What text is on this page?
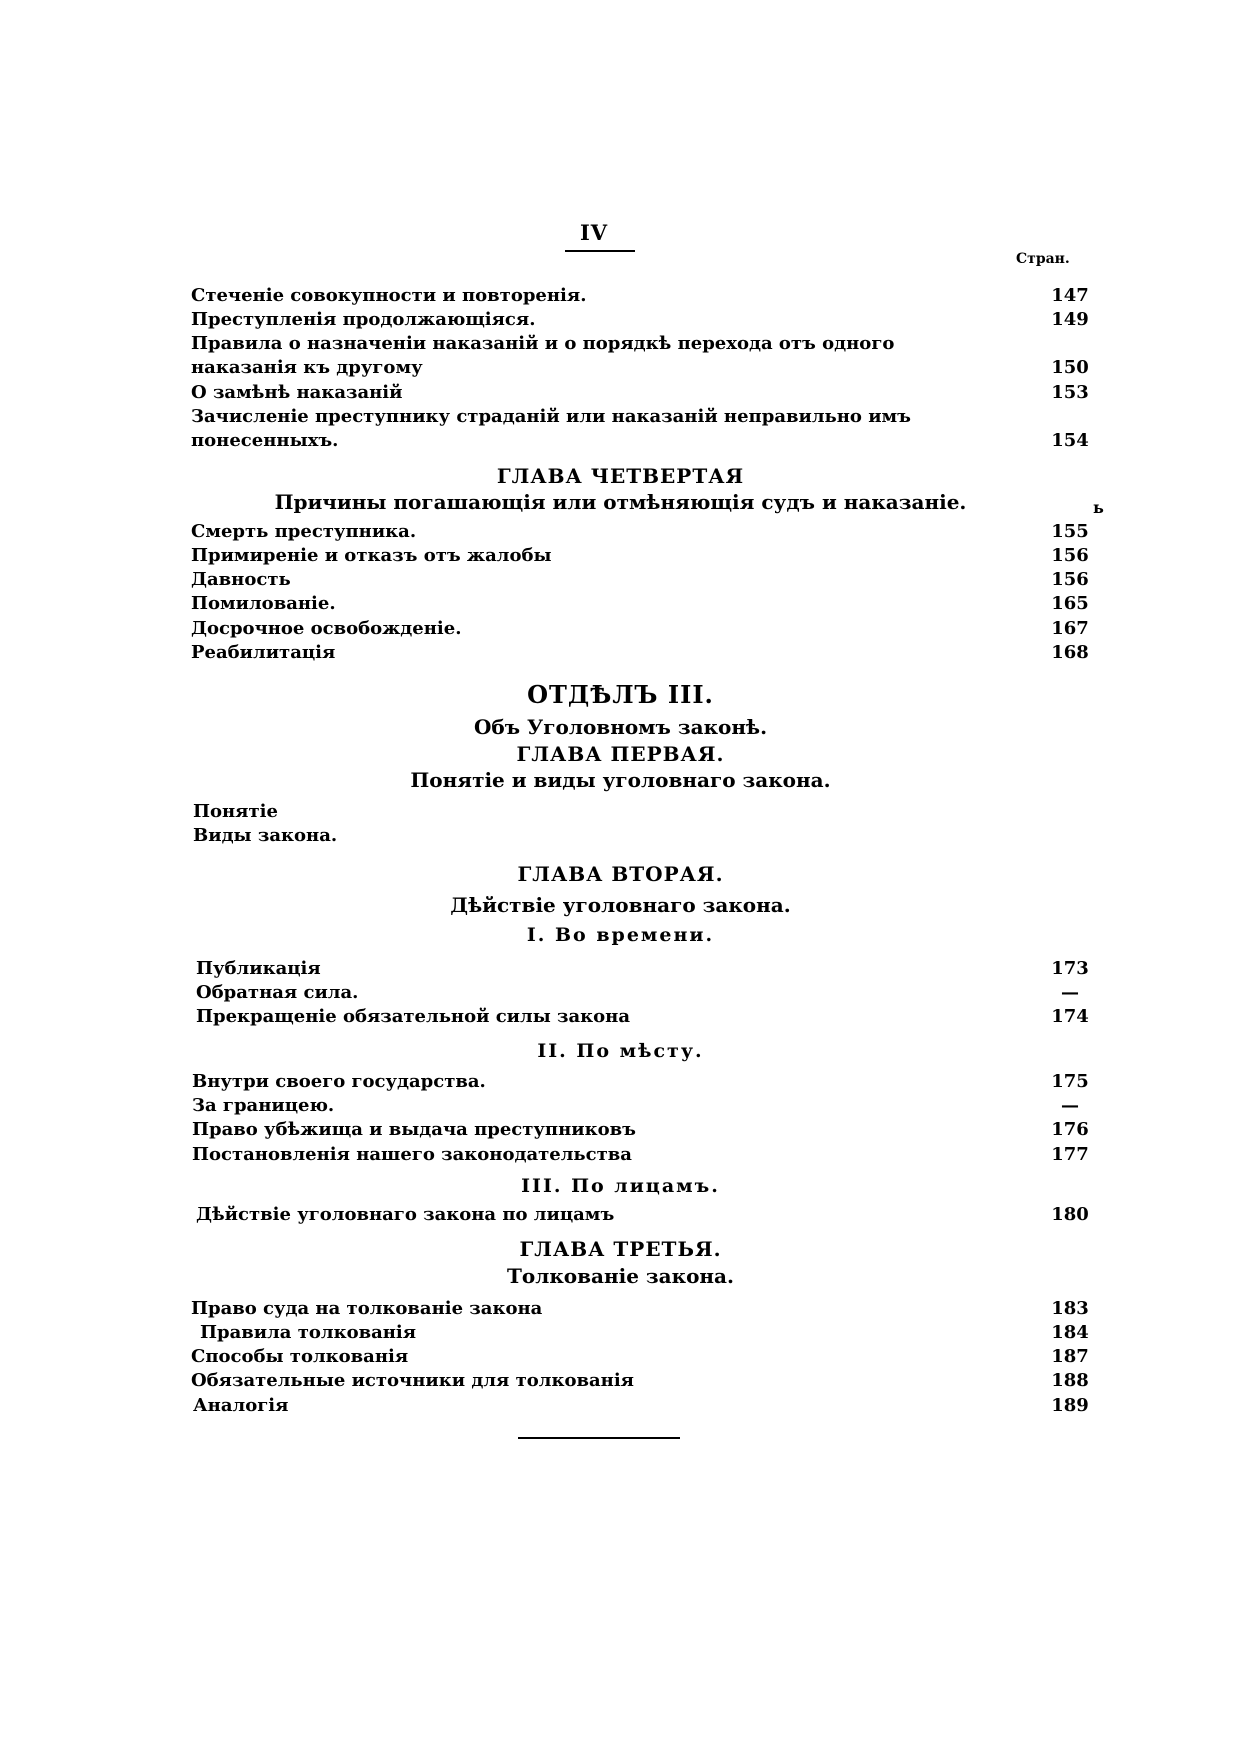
IV
Стран.
Стеченіе совокупности и повторенія.	147
Преступленія продолжающіяся.	149
Правила о назначеніи наказаній и о порядкѣ перехода отъ одного
наказанія къ другому	150
О замѣнѣ наказаній	153
Зачисленіе преступнику страданій или наказаній неправильно имъ
понесенныхъ.	154
ГЛАВА ЧЕТВЕРТАЯ
Причины погашающія или отмѣняющія судъ и наказаніе.	ь
Смерть преступника.	155
Примиреніе и отказъ отъ жалобы	156
Давность	156
Помилованіе.	165
Досрочное освобожденіе.	167
Реабилитація	168
ОТДѢЛЪ III.
Объ Уголовномъ законѣ.
ГЛАВА ПЕРВАЯ.
Понятіе и виды уголовнаго закона.
Понятіе
Виды закона.
ГЛАВА ВТОРАЯ.
Дѣйствіе уголовнаго закона.
I. Во времени.
Публикація	173
Обратная сила.	—
Прекращеніе обязательной силы закона	174
II. По мѣсту.
Внутри своего государства.	175
За границею.	—
Право убѣжища и выдача преступниковъ	176
Постановленія нашего законодательства	177
III. По лицамъ.
Дѣйствіе уголовнаго закона по лицамъ	180
ГЛАВА ТРЕТЬЯ.
Толкованіе закона.
Право суда на толкованіе закона	183
Правила толкованія	184
Способы толкованія	187
Обязательные источники для толкованія	188
Аналогія	189
